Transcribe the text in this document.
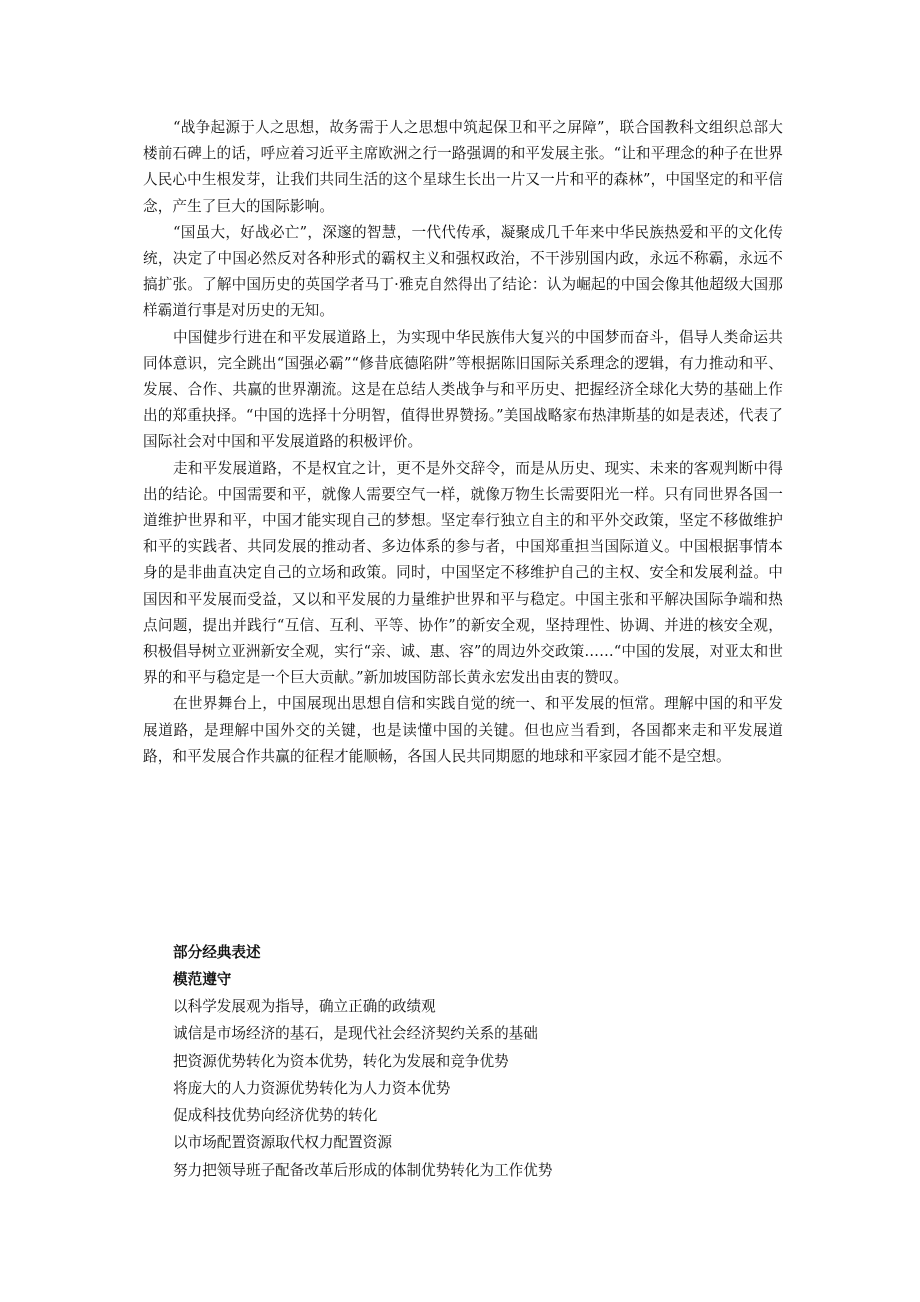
“战争起源于人之思想，故务需于人之思想中筑起保卫和平之屏障”，联合国教科文组织总部大楼前石碑上的话，呼应着习近平主席欧洲之行一路强调的和平发展主张。“让和平理念的种子在世界人民心中生根发芽，让我们共同生活的这个星球生长出一片又一片和平的森林”，中国坚定的和平信念，产生了巨大的国际影响。

“国虽大，好战必亡”，深邃的智慧，一代代传承，凝聚成几千年来中华民族热爱和平的文化传统，决定了中国必然反对各种形式的霸权主义和强权政治，不干涉别国内政，永远不称霸，永远不搞扩张。了解中国历史的英国学者马丁·雅克自然得出了结论：认为崛起的中国会像其他超级大国那样霸道行事是对历史的无知。

中国健步行进在和平发展道路上，为实现中华民族伟大复兴的中国梦而奋斗，倡导人类命运共同体意识，完全跳出“国强必霸”“修昔底德陷阱”等根据陈旧国际关系理念的逻辑，有力推动和平、发展、合作、共赢的世界潮流。这是在总结人类战争与和平历史、把握经济全球化大势的基础上作出的郑重抉择。“中国的选择十分明智，值得世界赞扬。”美国战略家布热津斯基的如是表述，代表了国际社会对中国和平发展道路的积极评价。

走和平发展道路，不是权宜之计，更不是外交辞令，而是从历史、现实、未来的客观判断中得出的结论。中国需要和平，就像人需要空气一样，就像万物生长需要阳光一样。只有同世界各国一道维护世界和平，中国才能实现自己的梦想。坚定奉行独立自主的和平外交政策，坚定不移做维护和平的实践者、共同发展的推动者、多边体系的参与者，中国郑重担当国际道义。中国根据事情本身的是非曲直决定自己的立场和政策。同时，中国坚定不移维护自己的主权、安全和发展利益。中国因和平发展而受益，又以和平发展的力量维护世界和平与稳定。中国主张和平解决国际争端和热点问题，提出并践行“互信、互利、平等、协作”的新安全观，坚持理性、协调、并进的核安全观，积极倡导树立亚洲新安全观，实行“亲、诚、惠、容”的周边外交政策……“中国的发展，对亚太和世界的和平与稳定是一个巨大贡献。”新加坡国防部长黄永宏发出由衷的赞叹。

在世界舞台上，中国展现出思想自信和实践自觉的统一、和平发展的恒常。理解中国的和平发展道路，是理解中国外交的关键，也是读懂中国的关键。但也应当看到，各国都来走和平发展道路，和平发展合作共赢的征程才能顺畅，各国人民共同期愿的地球和平家园才能不是空想。

部分经典表述

模范遵守

以科学发展观为指导，确立正确的政绩观
诚信是市场经济的基石，是现代社会经济契约关系的基础
把资源优势转化为资本优势，转化为发展和竞争优势
将庞大的人力资源优势转化为人力资本优势
促成科技优势向经济优势的转化
以市场配置资源取代权力配置资源
努力把领导班子配备改革后形成的体制优势转化为工作优势
